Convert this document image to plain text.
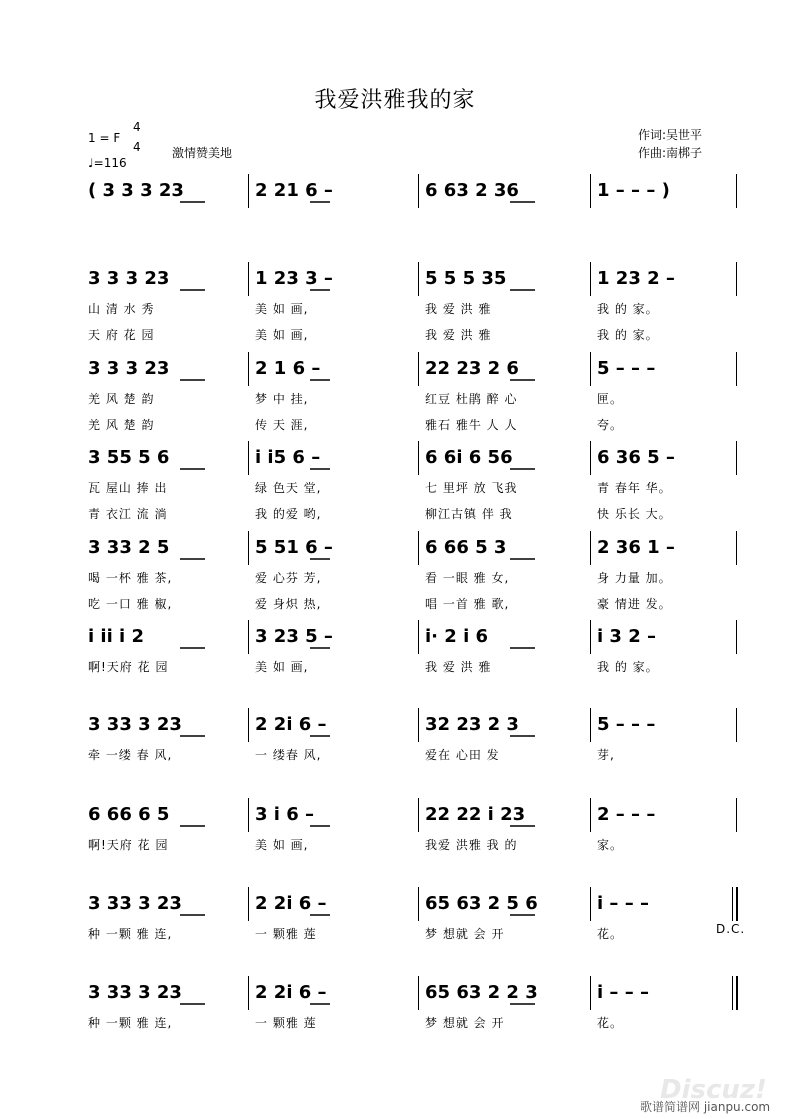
我爱洪雅我的家
1 = F
4
4
♩=116
激情赞美地
作词:吴世平
作曲:南梆子
( 3 3 3 23	2 21 6 –	6 63 2 36	1 – – – )
3 3 3 23	1 23 3 –	5 5 5 35	1 23 2 –
山 清 水 秀	美 如 画,	我 爱 洪 雅	我 的 家。
天 府 花 园	美 如 画,	我 爱 洪 雅	我 的 家。
3 3 3 23	2 1 6 –	22 23 2 6	5 – – –
羌 风 楚 韵	梦 中 挂,	红豆 杜鹃 醉 心	匣。
羌 风 楚 韵	传 天 涯,	雅石 雅牛 人 人	夸。
3 55 5 6	i i5 6 –	6 6i 6 56	6 36 5 –
瓦 屋山 捧 出	绿 色天 堂,	七 里坪 放 飞我	青 春年 华。
青 衣江 流 淌	我 的爱 哟,	柳江古镇 伴 我	快 乐长 大。
3 33 2 5	5 51 6 –	6 66 5 3	2 36 1 –
喝 一杯 雅 茶,	爱 心芬 芳,	看 一眼 雅 女,	身 力量 加。
吃 一口 雅 椒,	爱 身炽 热,	唱 一首 雅 歌,	豪 情进 发。
i ii i 2	3 23 5 –	i· 2 i 6	i 3 2 –
啊!天府 花 园	美 如 画,	我 爱 洪 雅	我 的 家。
3 33 3 23	2 2i 6 –	32 23 2 3	5 – – –
牵 一缕 春 风,	一 缕春 风,	爱在 心田 发	芽,
6 66 6 5	3 i 6 –	22 22 i 23	2 – – –
啊!天府 花 园	美 如 画,	我爱 洪雅 我 的	家。
3 33 3 23	2 2i 6 –	65 63 2 5 6	i – – –
种 一颗 雅 连,	一 颗雅 莲	梦 想就 会 开	花。
3 33 3 23	2 2i 6 –	65 63 2 2 3	i – – –
种 一颗 雅 连,	一 颗雅 莲	梦 想就 会 开	花。
D.C.
Discuz!
歌谱简谱网 jianpu.com
